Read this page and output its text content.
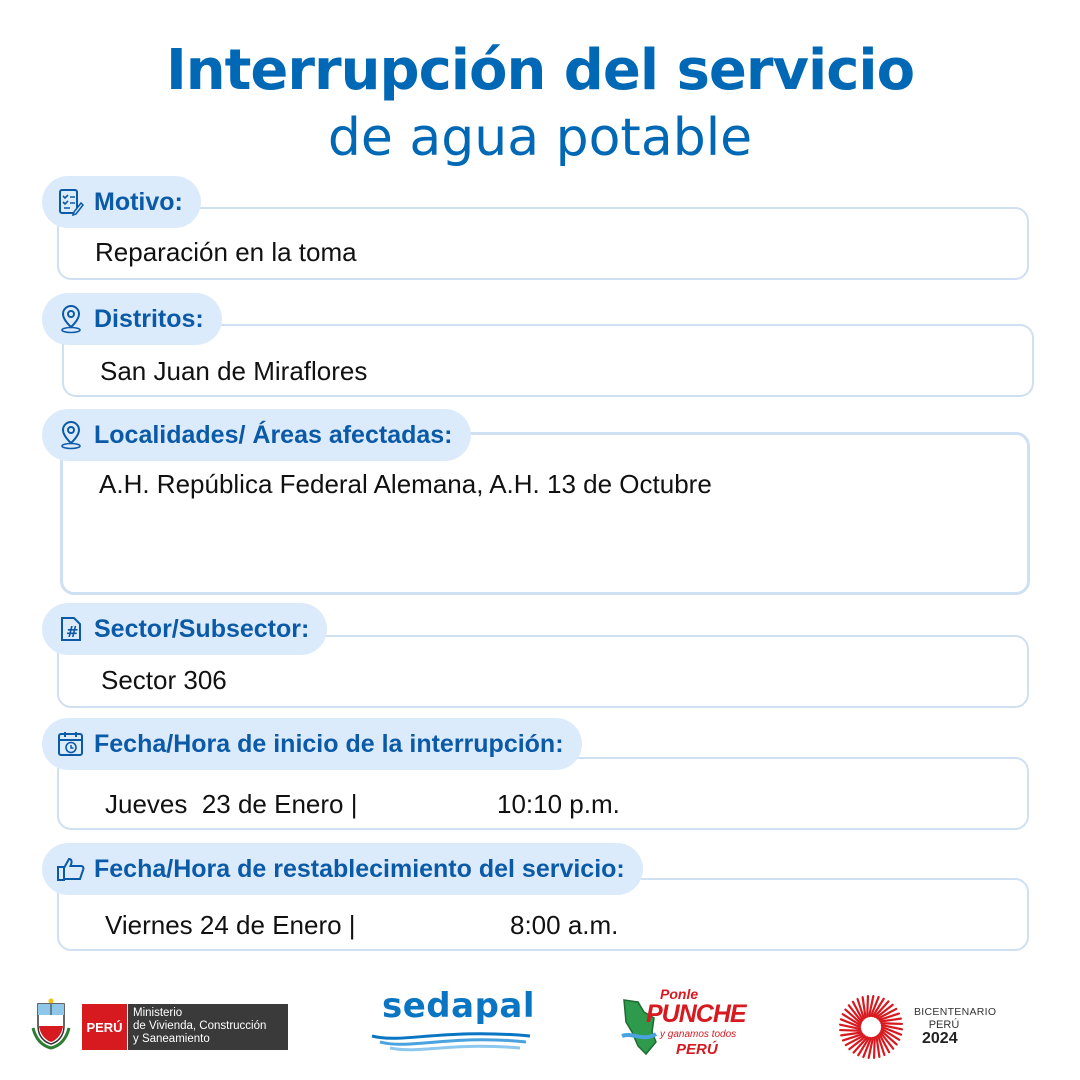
Interrupción del servicio
de agua potable
Reparación en la toma
Motivo:
San Juan de Miraflores
Distritos:
A.H. República Federal Alemana, A.H. 13 de Octubre
Localidades/ Áreas afectadas:
Sector 306
# Sector/Subsector:
Jueves  23 de Enero |	10:10 p.m.
Fecha/Hora de inicio de la interrupción:
Viernes 24 de Enero |	8:00 a.m.
Fecha/Hora de restablecimiento del servicio:
PERÚ
Ministerio
de Vivienda, Construcción
y Saneamiento
sedapal	Ponle
PUNCHE
y ganamos todos
PERÚ
BICENTENARIO
PERÚ
2024
